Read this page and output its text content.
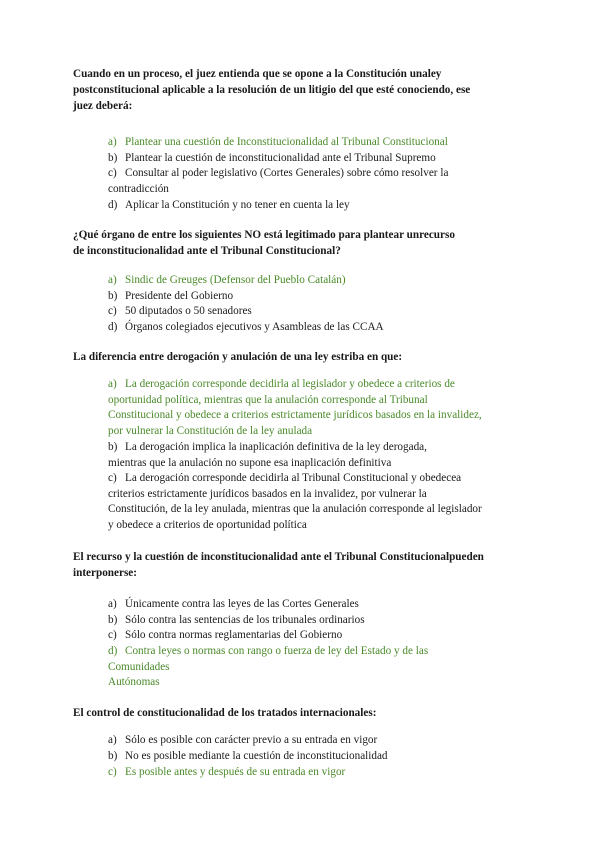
Cuando en un proceso, el juez entienda que se opone a la Constitución unaley
postconstitucional aplicable a la resolución de un litigio del que esté conociendo, ese
juez deberá:
a) Plantear una cuestión de Inconstitucionalidad al Tribunal Constitucional
b) Plantear la cuestión de inconstitucionalidad ante el Tribunal Supremo
c) Consultar al poder legislativo (Cortes Generales) sobre cómo resolver la
contradicción
d) Aplicar la Constitución y no tener en cuenta la ley
¿Qué órgano de entre los siguientes NO está legitimado para plantear unrecurso
de inconstitucionalidad ante el Tribunal Constitucional?
a) Sindic de Greuges (Defensor del Pueblo Catalán)
b) Presidente del Gobierno
c) 50 diputados o 50 senadores
d) Órganos colegiados ejecutivos y Asambleas de las CCAA
La diferencia entre derogación y anulación de una ley estriba en que:
a) La derogación corresponde decidirla al legislador y obedece a criterios de
oportunidad política, mientras que la anulación corresponde al Tribunal
Constitucional y obedece a criterios estrictamente jurídicos basados en la invalidez,
por vulnerar la Constitución de la ley anulada
b) La derogación implica la inaplicación definitiva de la ley derogada,
mientras que la anulación no supone esa inaplicación definitiva
c) La derogación corresponde decidirla al Tribunal Constitucional y obedecea
criterios estrictamente jurídicos basados en la invalidez, por vulnerar la
Constitución, de la ley anulada, mientras que la anulación corresponde al legislador
y obedece a criterios de oportunidad política
El recurso y la cuestión de inconstitucionalidad ante el Tribunal Constitucionalpueden
interponerse:
a) Únicamente contra las leyes de las Cortes Generales
b) Sólo contra las sentencias de los tribunales ordinarios
c) Sólo contra normas reglamentarias del Gobierno
d) Contra leyes o normas con rango o fuerza de ley del Estado y de las
Comunidades
Autónomas
El control de constitucionalidad de los tratados internacionales:
a) Sólo es posible con carácter previo a su entrada en vigor
b) No es posible mediante la cuestión de inconstitucionalidad
c) Es posible antes y después de su entrada en vigor
